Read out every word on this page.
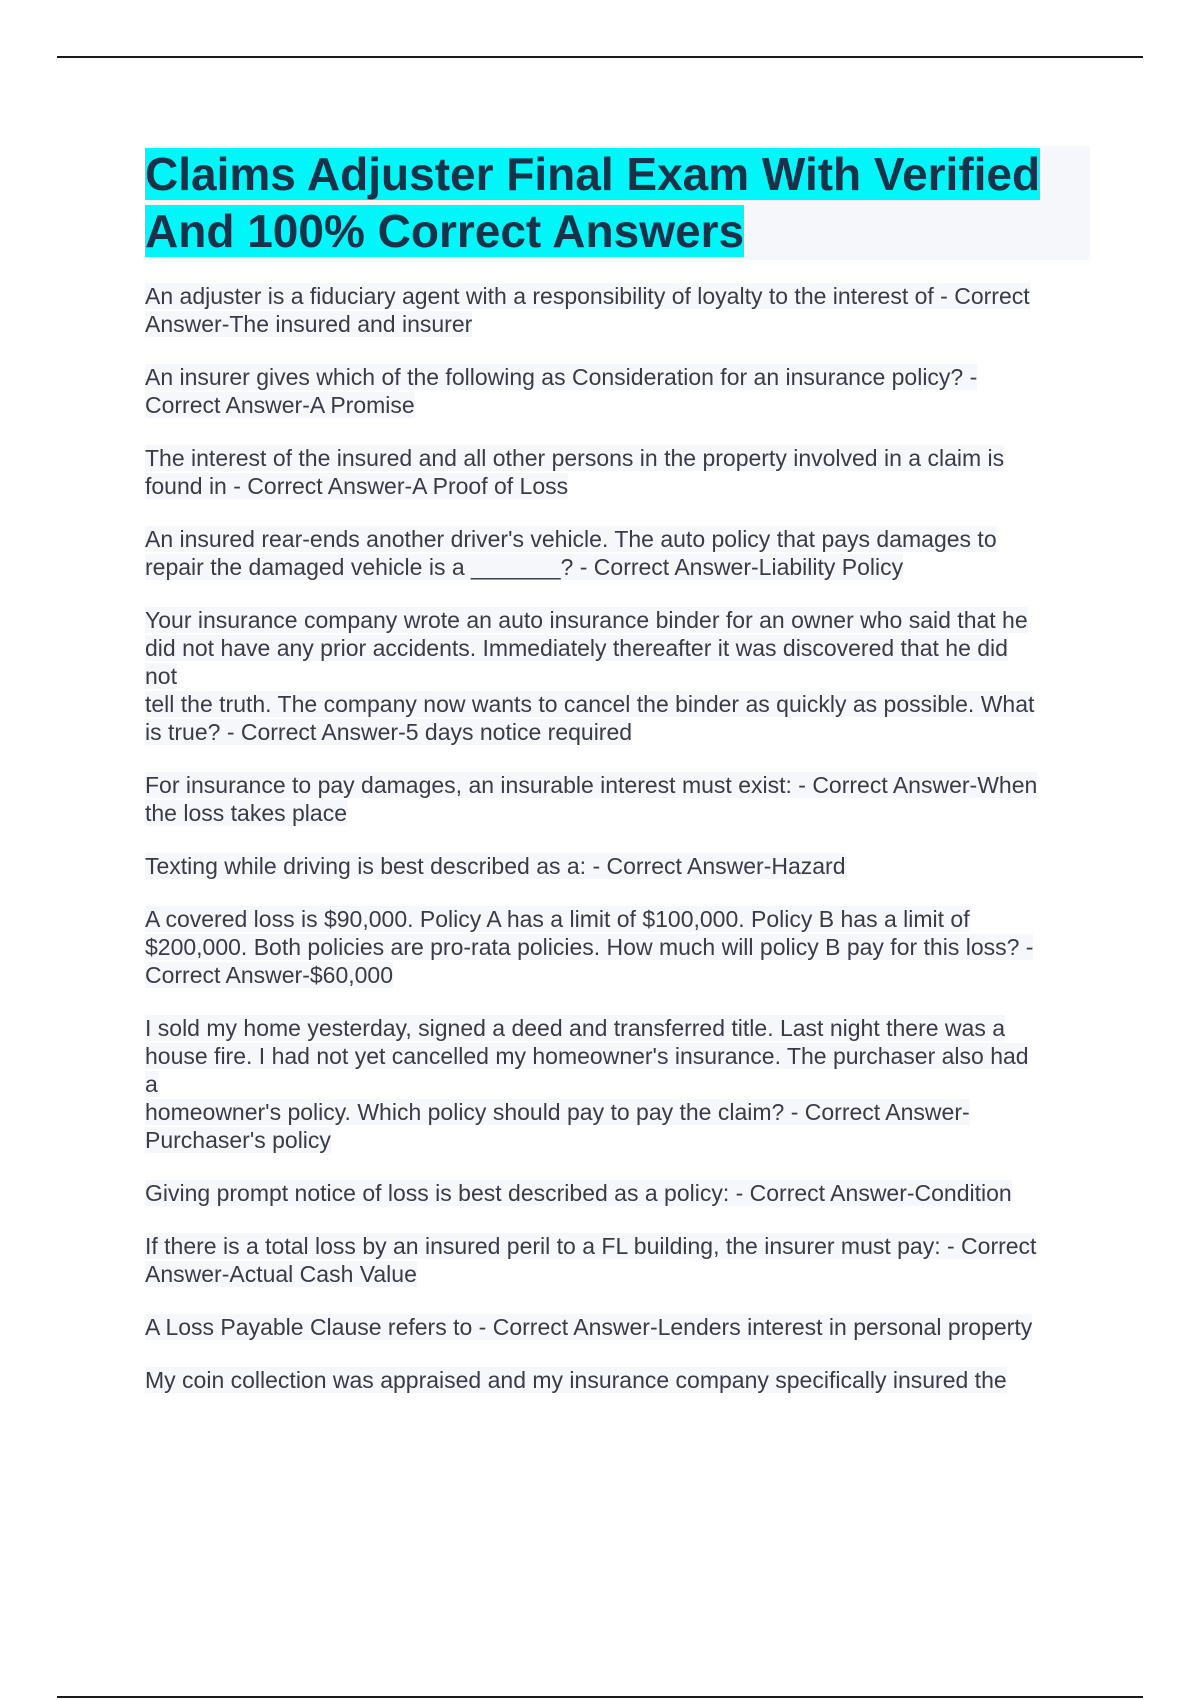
Claims Adjuster Final Exam With Verified
And 100% Correct Answers

An adjuster is a fiduciary agent with a responsibility of loyalty to the interest of - Correct
Answer-The insured and insurer

An insurer gives which of the following as Consideration for an insurance policy? -
Correct Answer-A Promise

The interest of the insured and all other persons in the property involved in a claim is
found in - Correct Answer-A Proof of Loss

An insured rear-ends another driver's vehicle. The auto policy that pays damages to
repair the damaged vehicle is a _______? - Correct Answer-Liability Policy

Your insurance company wrote an auto insurance binder for an owner who said that he
did not have any prior accidents. Immediately thereafter it was discovered that he did
not
tell the truth. The company now wants to cancel the binder as quickly as possible. What
is true? - Correct Answer-5 days notice required

For insurance to pay damages, an insurable interest must exist: - Correct Answer-When
the loss takes place

Texting while driving is best described as a: - Correct Answer-Hazard

A covered loss is $90,000. Policy A has a limit of $100,000. Policy B has a limit of
$200,000. Both policies are pro-rata policies. How much will policy B pay for this loss? -
Correct Answer-$60,000

I sold my home yesterday, signed a deed and transferred title. Last night there was a
house fire. I had not yet cancelled my homeowner's insurance. The purchaser also had
a
homeowner's policy. Which policy should pay to pay the claim? - Correct Answer-
Purchaser's policy

Giving prompt notice of loss is best described as a policy: - Correct Answer-Condition

If there is a total loss by an insured peril to a FL building, the insurer must pay: - Correct
Answer-Actual Cash Value

A Loss Payable Clause refers to - Correct Answer-Lenders interest in personal property

My coin collection was appraised and my insurance company specifically insured the
